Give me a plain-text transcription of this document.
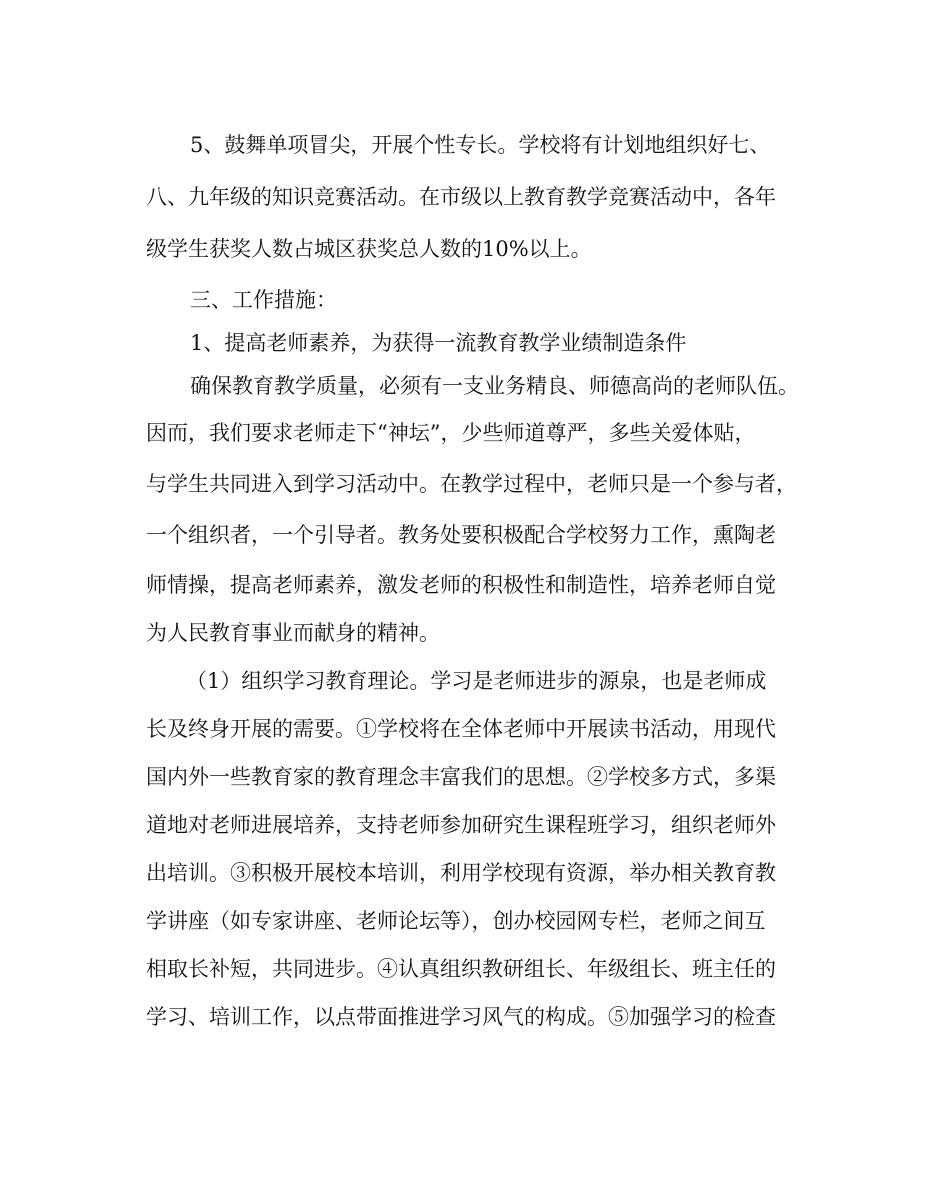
5、鼓舞单项冒尖，开展个性专长。学校将有计划地组织好七、
八、九年级的知识竞赛活动。在市级以上教育教学竞赛活动中，各年
级学生获奖人数占城区获奖总人数的10%以上。
三、工作措施：
1、提高老师素养，为获得一流教育教学业绩制造条件
确保教育教学质量，必须有一支业务精良、师德高尚的老师队伍。
因而，我们要求老师走下“神坛”，少些师道尊严，多些关爱体贴，
与学生共同进入到学习活动中。在教学过程中，老师只是一个参与者，
一个组织者，一个引导者。教务处要积极配合学校努力工作，熏陶老
师情操，提高老师素养，激发老师的积极性和制造性，培养老师自觉
为人民教育事业而献身的精神。
（1）组织学习教育理论。学习是老师进步的源泉，也是老师成
长及终身开展的需要。①学校将在全体老师中开展读书活动，用现代
国内外一些教育家的教育理念丰富我们的思想。②学校多方式，多渠
道地对老师进展培养，支持老师参加研究生课程班学习，组织老师外
出培训。③积极开展校本培训，利用学校现有资源，举办相关教育教
学讲座（如专家讲座、老师论坛等），创办校园网专栏，老师之间互
相取长补短，共同进步。④认真组织教研组长、年级组长、班主任的
学习、培训工作，以点带面推进学习风气的构成。⑤加强学习的检查
